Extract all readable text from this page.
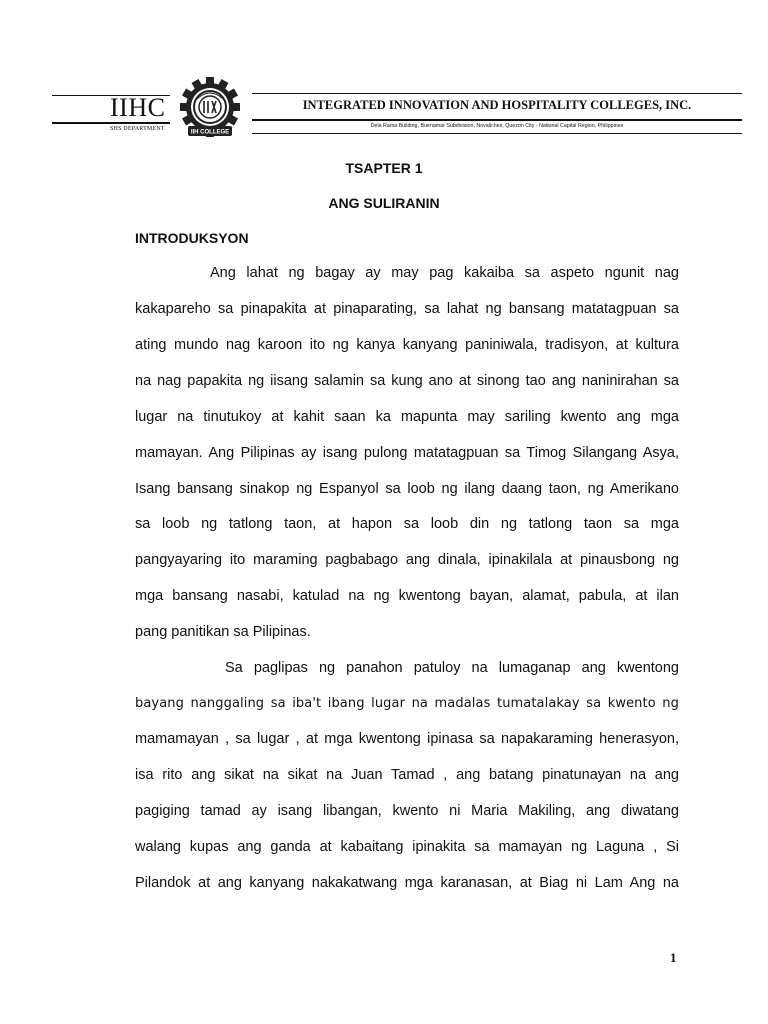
IIHC
SHS DEPARTMENT
IIH COLLEGE
INTEGRATED INNOVATION AND HOSPITALITY COLLEGES, INC.
Dela Rama Building, Buenamar Subdivision, Novaliches, Quezon City - National Capital Region, Philippines
TSAPTER 1
ANG SULIRANIN
INTRODUKSYON
Ang lahat ng bagay ay may pag kakaiba sa aspeto ngunit nag
kakapareho sa pinapakita at pinaparating, sa lahat ng bansang matatagpuan sa
ating mundo nag karoon ito ng kanya kanyang paniniwala, tradisyon, at kultura
na nag papakita ng iisang salamin sa kung ano at sinong tao ang naninirahan sa
lugar na tinutukoy at kahit saan ka mapunta may sariling kwento ang mga
mamayan. Ang Pilipinas ay isang pulong matatagpuan sa Timog Silangang Asya,
Isang bansang sinakop ng Espanyol sa loob ng ilang daang taon, ng Amerikano
sa loob ng tatlong taon, at hapon sa loob din ng tatlong taon sa mga
pangyayaring ito maraming pagbabago ang dinala, ipinakilala at pinausbong ng
mga bansang nasabi, katulad na ng kwentong bayan, alamat, pabula, at ilan
pang panitikan sa Pilipinas.
Sa paglipas ng panahon patuloy na lumaganap ang kwentong
bayang nanggaling sa iba't ibang lugar na madalas tumatalakay sa kwento ng
mamamayan , sa lugar , at mga kwentong ipinasa sa napakaraming henerasyon,
isa rito ang sikat na sikat na Juan Tamad , ang batang pinatunayan na ang
pagiging tamad ay isang libangan, kwento ni Maria Makiling, ang diwatang
walang kupas ang ganda at kabaitang ipinakita sa mamayan ng Laguna , Si
Pilandok at ang kanyang nakakatwang mga karanasan, at Biag ni Lam Ang na
1
